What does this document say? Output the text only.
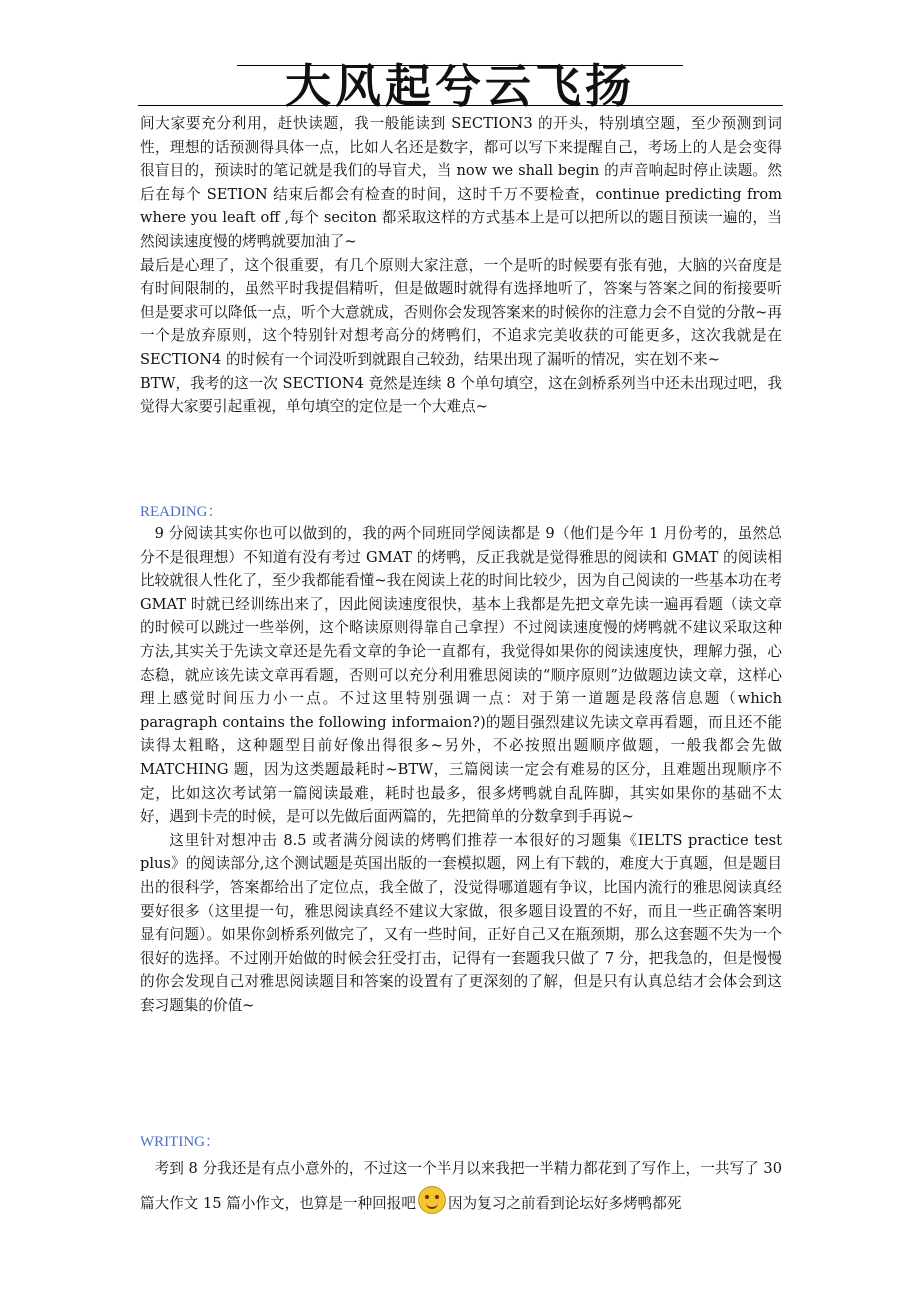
大风起兮云飞扬

间大家要充分利用，赶快读题，我一般能读到 SECTION3 的开头，特别填空题，至少预测到词性，理想的话预测得具体一点，比如人名还是数字，都可以写下来提醒自己，考场上的人是会变得很盲目的，预读时的笔记就是我们的导盲犬，当 now we shall begin 的声音响起时停止读题。然后在每个 SETION 结束后都会有检查的时间，这时千万不要检查，continue predicting from where you leaft off ,每个 seciton 都采取这样的方式基本上是可以把所以的题目预读一遍的，当然阅读速度慢的烤鸭就要加油了~

最后是心理了，这个很重要，有几个原则大家注意，一个是听的时候要有张有弛，大脑的兴奋度是有时间限制的，虽然平时我提倡精听，但是做题时就得有选择地听了，答案与答案之间的衔接要听但是要求可以降低一点，听个大意就成，否则你会发现答案来的时候你的注意力会不自觉的分散~再一个是放弃原则，这个特别针对想考高分的烤鸭们，不追求完美收获的可能更多，这次我就是在 SECTION4 的时候有一个词没听到就跟自己较劲，结果出现了漏听的情况，实在划不来~

BTW，我考的这一次 SECTION4 竟然是连续 8 个单句填空，这在剑桥系列当中还未出现过吧，我觉得大家要引起重视，单句填空的定位是一个大难点~

READING：

9 分阅读其实你也可以做到的，我的两个同班同学阅读都是 9（他们是今年 1 月份考的，虽然总分不是很理想）不知道有没有考过 GMAT 的烤鸭，反正我就是觉得雅思的阅读和 GMAT 的阅读相比较就很人性化了，至少我都能看懂~我在阅读上花的时间比较少，因为自己阅读的一些基本功在考 GMAT 时就已经训练出来了，因此阅读速度很快，基本上我都是先把文章先读一遍再看题（读文章的时候可以跳过一些举例，这个略读原则得靠自己拿捏）不过阅读速度慢的烤鸭就不建议采取这种方法,其实关于先读文章还是先看文章的争论一直都有，我觉得如果你的阅读速度快，理解力强，心态稳，就应该先读文章再看题，否则可以充分利用雅思阅读的“顺序原则”边做题边读文章，这样心理上感觉时间压力小一点。不过这里特别强调一点：对于第一道题是段落信息题（which paragraph contains the following informaion?)的题目强烈建议先读文章再看题，而且还不能读得太粗略，这种题型目前好像出得很多~另外，不必按照出题顺序做题，一般我都会先做 MATCHING 题，因为这类题最耗时~BTW，三篇阅读一定会有难易的区分，且难题出现顺序不定，比如这次考试第一篇阅读最难，耗时也最多，很多烤鸭就自乱阵脚，其实如果你的基础不太好，遇到卡壳的时候，是可以先做后面两篇的，先把简单的分数拿到手再说~

这里针对想冲击 8.5 或者满分阅读的烤鸭们推荐一本很好的习题集《IELTS practice test plus》的阅读部分,这个测试题是英国出版的一套模拟题，网上有下载的，难度大于真题，但是题目出的很科学，答案都给出了定位点，我全做了，没觉得哪道题有争议，比国内流行的雅思阅读真经要好很多（这里提一句，雅思阅读真经不建议大家做，很多题目设置的不好，而且一些正确答案明显有问题）。如果你剑桥系列做完了，又有一些时间，正好自己又在瓶颈期，那么这套题不失为一个很好的选择。不过刚开始做的时候会狂受打击，记得有一套题我只做了 7 分，把我急的，但是慢慢的你会发现自己对雅思阅读题目和答案的设置有了更深刻的了解，但是只有认真总结才会体会到这套习题集的价值~

WRITING：

考到 8 分我还是有点小意外的，不过这一个半月以来我把一半精力都花到了写作上，一共写了 30 篇大作文 15 篇小作文，也算是一种回报吧 因为复习之前看到论坛好多烤鸭都死
